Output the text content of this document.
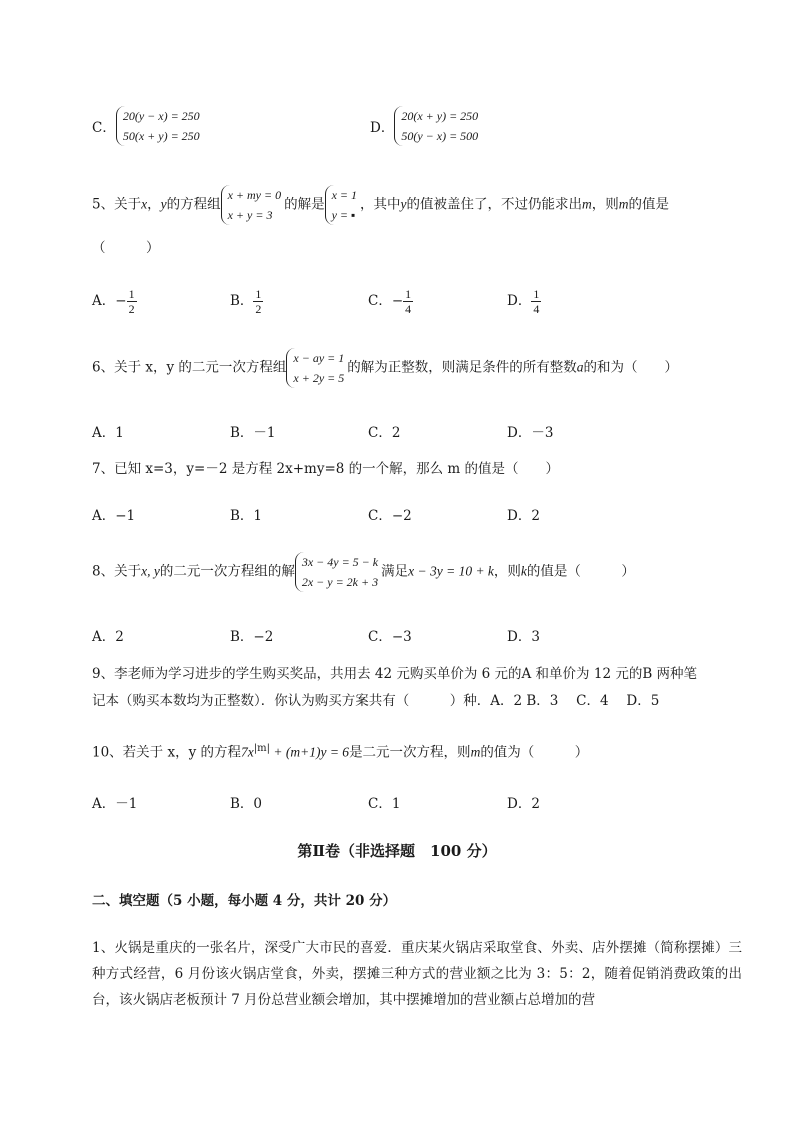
C．
20(y − x) = 250
50(x + y) = 250	D．
20(x + y) = 250
50(y − x) = 500
5、关于x，y的方程组
x + my = 0
x + y = 3
的解是
x = 1
y = ▪
，其中y的值被盖住了，不过仍能求出m，则m的值是
（　　　）
A．− $\frac{1}{2}$	B． $\frac{1}{2}$	C．− $\frac{1}{4}$	D． $\frac{1}{4}$
6、关于 x，y 的二元一次方程组
x − ay = 1
x + 2y = 5
的解为正整数，则满足条件的所有整数a的和为（　　）
A．1	B．－1	C．2	D．－3
7、已知 x=3，y=－2 是方程 2x+my=8 的一个解，那么 m 的值是（　　）
A．−1	B．1	C．−2	D．2
8、关于x, y的二元一次方程组的解
3x − 4y = 5 − k
2x − y = 2k + 3
满足x − 3y = 10 + k，则k的值是（　　　）
A．2	B．−2	C．−3	D．3
9、李老师为学习进步的学生购买奖品，共用去 42 元购买单价为 6 元的A 和单价为 12 元的B 两种笔
记本（购买本数均为正整数）．你认为购买方案共有（　　　）种．A．2 B．3　 C．4　 D．5
10、若关于 x，y 的方程$7x^{|m|} + (m+1)y = 6$是二元一次方程，则m的值为（　　　）
A．－1	B．0	C．1	D．2
第Ⅱ卷（非选择题　100 分）
二、填空题（5 小题，每小题 4 分，共计 20 分）
1、火锅是重庆的一张名片，深受广大市民的喜爱．重庆某火锅店采取堂食、外卖、店外摆摊（简称摆摊）三种方式经营，6 月份该火锅店堂食，外卖，摆摊三种方式的营业额之比为 3：5：2，随着促销消费政策的出台，该火锅店老板预计 7 月份总营业额会增加，其中摆摊增加的营业额占总增加的营
